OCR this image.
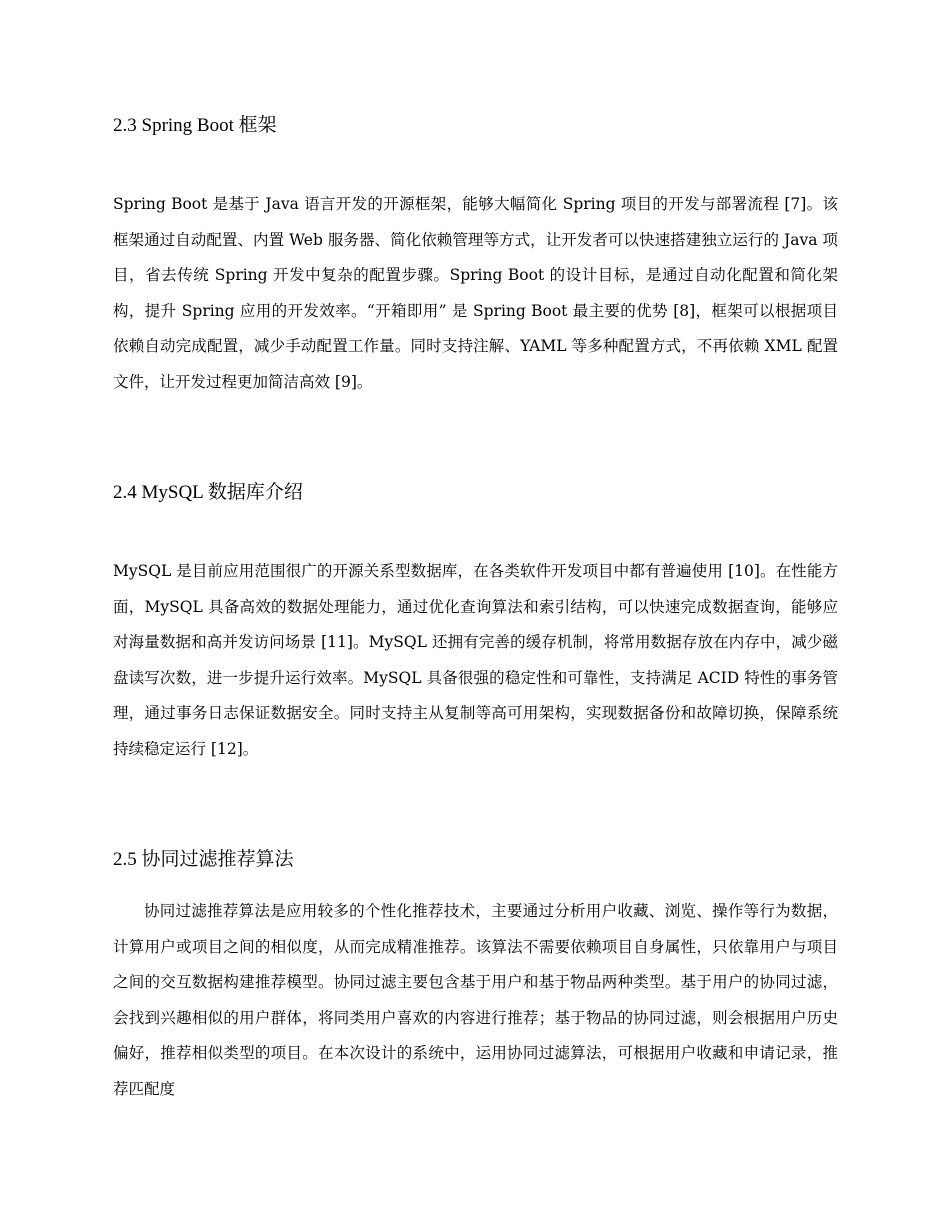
2.3 Spring Boot 框架

Spring Boot 是基于 Java 语言开发的开源框架，能够大幅简化 Spring 项目的开发与部署流程 [7]。该框架通过自动配置、内置 Web 服务器、简化依赖管理等方式，让开发者可以快速搭建独立运行的 Java 项目，省去传统 Spring 开发中复杂的配置步骤。Spring Boot 的设计目标，是通过自动化配置和简化架构，提升 Spring 应用的开发效率。“开箱即用” 是 Spring Boot 最主要的优势 [8]，框架可以根据项目依赖自动完成配置，减少手动配置工作量。同时支持注解、YAML 等多种配置方式，不再依赖 XML 配置文件，让开发过程更加简洁高效 [9]。

2.4 MySQL 数据库介绍

MySQL 是目前应用范围很广的开源关系型数据库，在各类软件开发项目中都有普遍使用 [10]。在性能方面，MySQL 具备高效的数据处理能力，通过优化查询算法和索引结构，可以快速完成数据查询，能够应对海量数据和高并发访问场景 [11]。MySQL 还拥有完善的缓存机制，将常用数据存放在内存中，减少磁盘读写次数，进一步提升运行效率。MySQL 具备很强的稳定性和可靠性，支持满足 ACID 特性的事务管理，通过事务日志保证数据安全。同时支持主从复制等高可用架构，实现数据备份和故障切换，保障系统持续稳定运行 [12]。

2.5 协同过滤推荐算法

协同过滤推荐算法是应用较多的个性化推荐技术，主要通过分析用户收藏、浏览、操作等行为数据，计算用户或项目之间的相似度，从而完成精准推荐。该算法不需要依赖项目自身属性，只依靠用户与项目之间的交互数据构建推荐模型。协同过滤主要包含基于用户和基于物品两种类型。基于用户的协同过滤，会找到兴趣相似的用户群体，将同类用户喜欢的内容进行推荐；基于物品的协同过滤，则会根据用户历史偏好，推荐相似类型的项目。在本次设计的系统中，运用协同过滤算法，可根据用户收藏和申请记录，推荐匹配度
